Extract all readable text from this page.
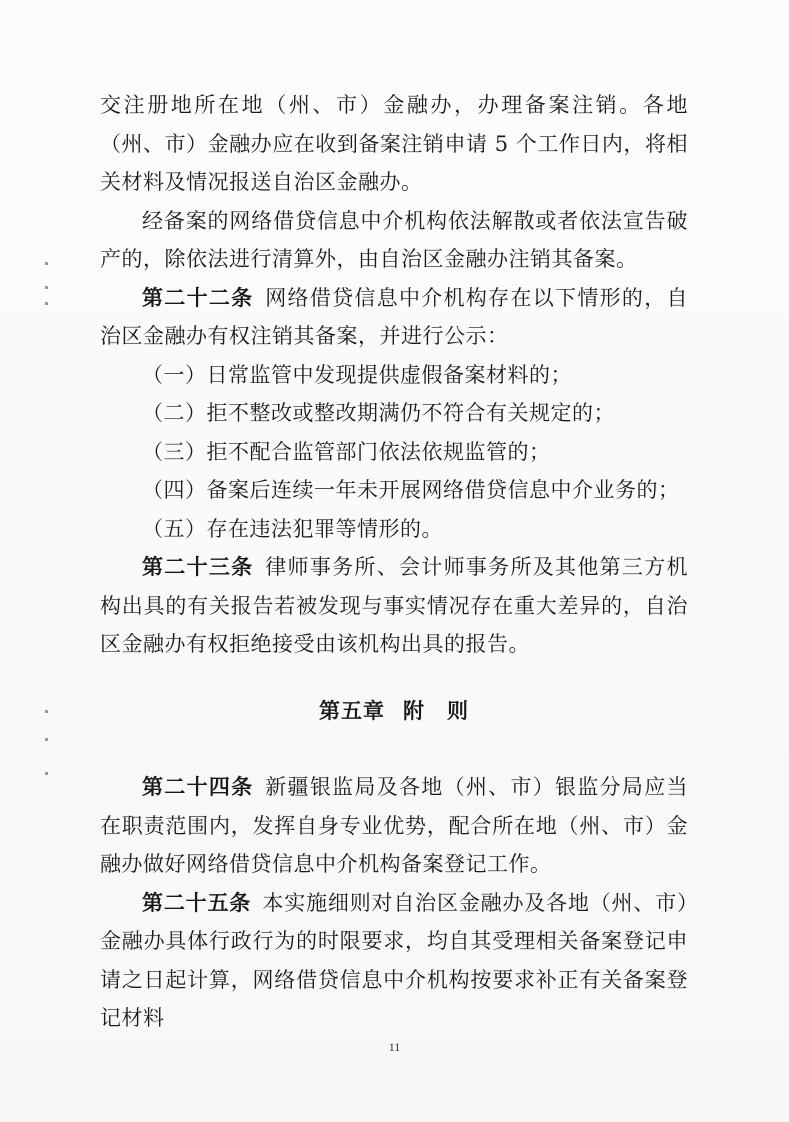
交注册地所在地（州、市）金融办，办理备案注销。各地（州、市）金融办应在收到备案注销申请 5 个工作日内，将相关材料及情况报送自治区金融办。

经备案的网络借贷信息中介机构依法解散或者依法宣告破产的，除依法进行清算外，由自治区金融办注销其备案。

第二十二条  网络借贷信息中介机构存在以下情形的，自治区金融办有权注销其备案，并进行公示：

（一）日常监管中发现提供虚假备案材料的；

（二）拒不整改或整改期满仍不符合有关规定的；

（三）拒不配合监管部门依法依规监管的；

（四）备案后连续一年未开展网络借贷信息中介业务的；

（五）存在违法犯罪等情形的。

第二十三条  律师事务所、会计师事务所及其他第三方机构出具的有关报告若被发现与事实情况存在重大差异的，自治区金融办有权拒绝接受由该机构出具的报告。

第五章 附　则

第二十四条  新疆银监局及各地（州、市）银监分局应当在职责范围内，发挥自身专业优势，配合所在地（州、市）金融办做好网络借贷信息中介机构备案登记工作。

第二十五条  本实施细则对自治区金融办及各地（州、市）金融办具体行政行为的时限要求，均自其受理相关备案登记申请之日起计算，网络借贷信息中介机构按要求补正有关备案登记材料

11
